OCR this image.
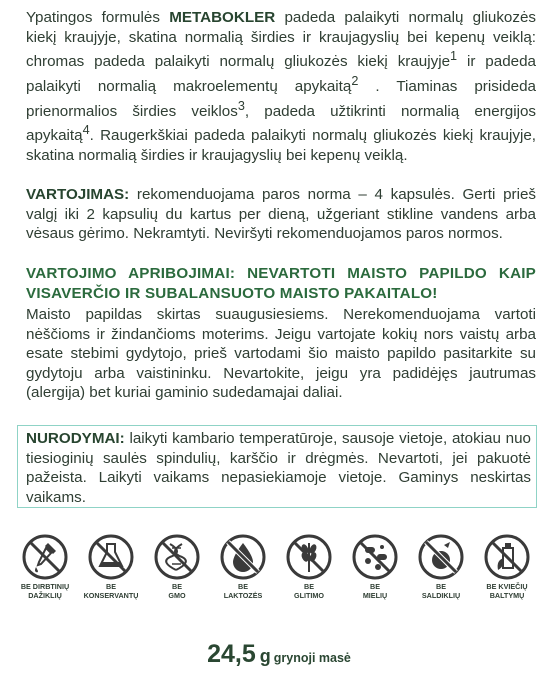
Ypatingos formulės METABOKLER padeda palaikyti normalų gliukozės kiekį kraujyje, skatina normalią širdies ir kraujagyslių bei kepenų veiklą: chromas padeda palaikyti normalų gliukozės kiekį kraujyje$^1$ ir padeda palaikyti normalią makroelementų apykaitą$^2$ . Tiaminas prisideda prienormalios širdies veiklos$^3$, padeda užtikrinti normalią energijos apykaitą$^4$. Raugerkškiai padeda palaikyti normalų gliukozės kiekį kraujyje, skatina normalią širdies ir kraujagyslių bei kepenų veiklą.

VARTOJIMAS: rekomenduojama paros norma – 4 kapsulės. Gerti prieš valgį iki 2 kapsulių du kartus per dieną, užgeriant stikline vandens arba vėsaus gėrimo. Nekramtyti. Neviršyti rekomenduojamos paros normos.

VARTOJIMO APRIBOJIMAI: NEVARTOTI MAISTO PAPILDO KAIP VISAVERČIO IR SUBALANSUOTO MAISTO PAKAITALO!

Maisto papildas skirtas suaugusiesiems. Nerekomenduojama vartoti nėščioms ir žindančioms moterims. Jeigu vartojate kokių nors vaistų arba esate stebimi gydytojo, prieš vartodami šio maisto papildo pasitarkite su gydytoju arba vaistininku. Nevartokite, jeigu yra padidėjęs jautrumas (alergija) bet kuriai gaminio sudedamajai daliai.

NURODYMAI: laikyti kambario temperatūroje, sausoje vietoje, atokiau nuo tiesioginių saulės spindulių, karščio ir drėgmės. Nevartoti, jei pakuotė pažeista. Laikyti vaikams nepasiekiamoje vietoje. Gaminys neskirtas vaikams.

BE DIRBTINIŲ
DAŽIKLIŲ
BE
KONSERVANTŲ
BE
GMO
BE
LAKTOZĖS
BE
GLITIMO
BE
MIELIŲ
BE
SALDIKLIŲ
BE KVIEČIŲ
BALTYMŲ
24,5 g grynoji masė
